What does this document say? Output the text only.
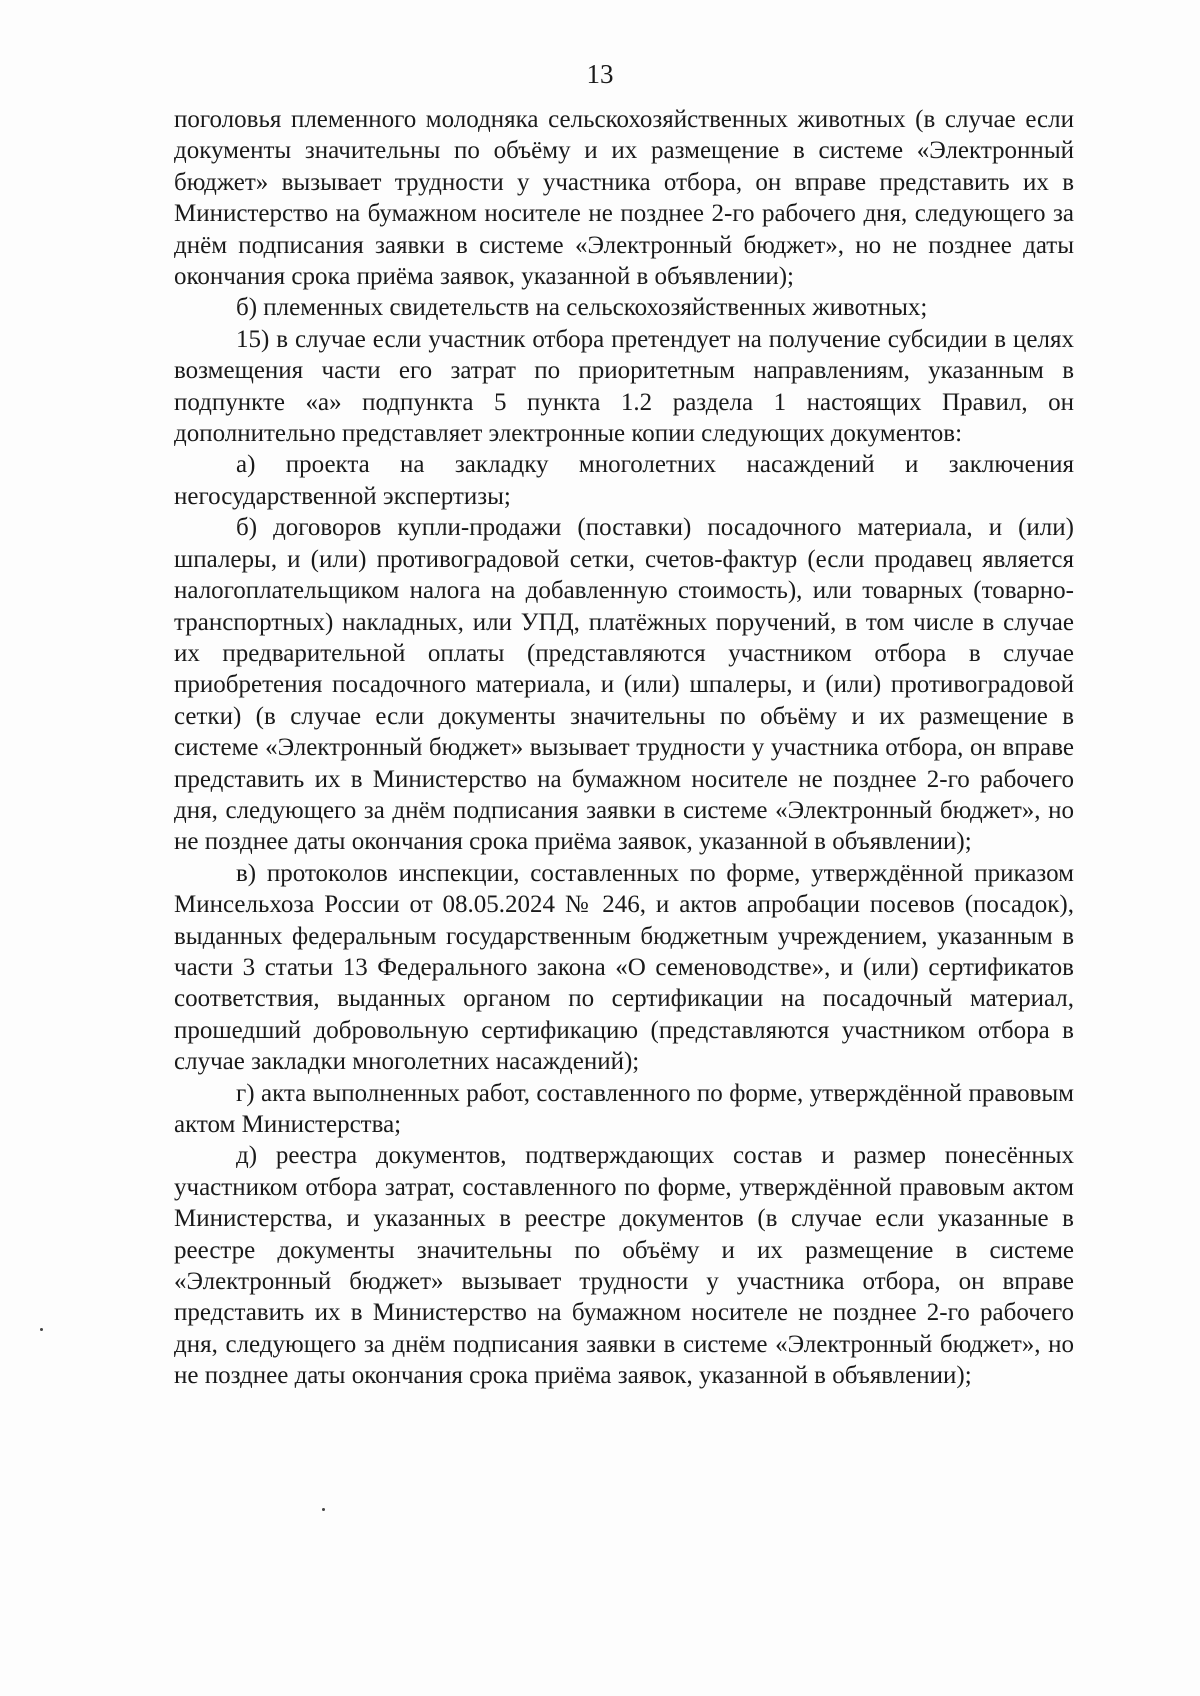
13

поголовья племенного молодняка сельскохозяйственных животных (в случае если документы значительны по объёму и их размещение в системе «Электронный бюджет» вызывает трудности у участника отбора, он вправе представить их в Министерство на бумажном носителе не позднее 2-го рабочего дня, следующего за днём подписания заявки в системе «Электронный бюджет», но не позднее даты окончания срока приёма заявок, указанной в объявлении);

б) племенных свидетельств на сельскохозяйственных животных;

15) в случае если участник отбора претендует на получение субсидии в целях возмещения части его затрат по приоритетным направлениям, указанным в подпункте «а» подпункта 5 пункта 1.2 раздела 1 настоящих Правил, он дополнительно представляет электронные копии следующих документов:

а) проекта на закладку многолетних насаждений и заключения негосударственной экспертизы;

б) договоров купли-продажи (поставки) посадочного материала, и (или) шпалеры, и (или) противоградовой сетки, счетов-фактур (если продавец является налогоплательщиком налога на добавленную стоимость), или товарных (товарно-транспортных) накладных, или УПД, платёжных поручений, в том числе в случае их предварительной оплаты (представляются участником отбора в случае приобретения посадочного материала, и (или) шпалеры, и (или) противоградовой сетки) (в случае если документы значительны по объёму и их размещение в системе «Электронный бюджет» вызывает трудности у участника отбора, он вправе представить их в Министерство на бумажном носителе не позднее 2-го рабочего дня, следующего за днём подписания заявки в системе «Электронный бюджет», но не позднее даты окончания срока приёма заявок, указанной в объявлении);

в) протоколов инспекции, составленных по форме, утверждённой приказом Минсельхоза России от 08.05.2024 № 246, и актов апробации посевов (посадок), выданных федеральным государственным бюджетным учреждением, указанным в части 3 статьи 13 Федерального закона «О семеноводстве», и (или) сертификатов соответствия, выданных органом по сертификации на посадочный материал, прошедший добровольную сертификацию (представляются участником отбора в случае закладки многолетних насаждений);

г) акта выполненных работ, составленного по форме, утверждённой правовым актом Министерства;

д) реестра документов, подтверждающих состав и размер понесённых участником отбора затрат, составленного по форме, утверждённой правовым актом Министерства, и указанных в реестре документов (в случае если указанные в реестре документы значительны по объёму и их размещение в системе «Электронный бюджет» вызывает трудности у участника отбора, он вправе представить их в Министерство на бумажном носителе не позднее 2-го рабочего дня, следующего за днём подписания заявки в системе «Электронный бюджет», но не позднее даты окончания срока приёма заявок, указанной в объявлении);
